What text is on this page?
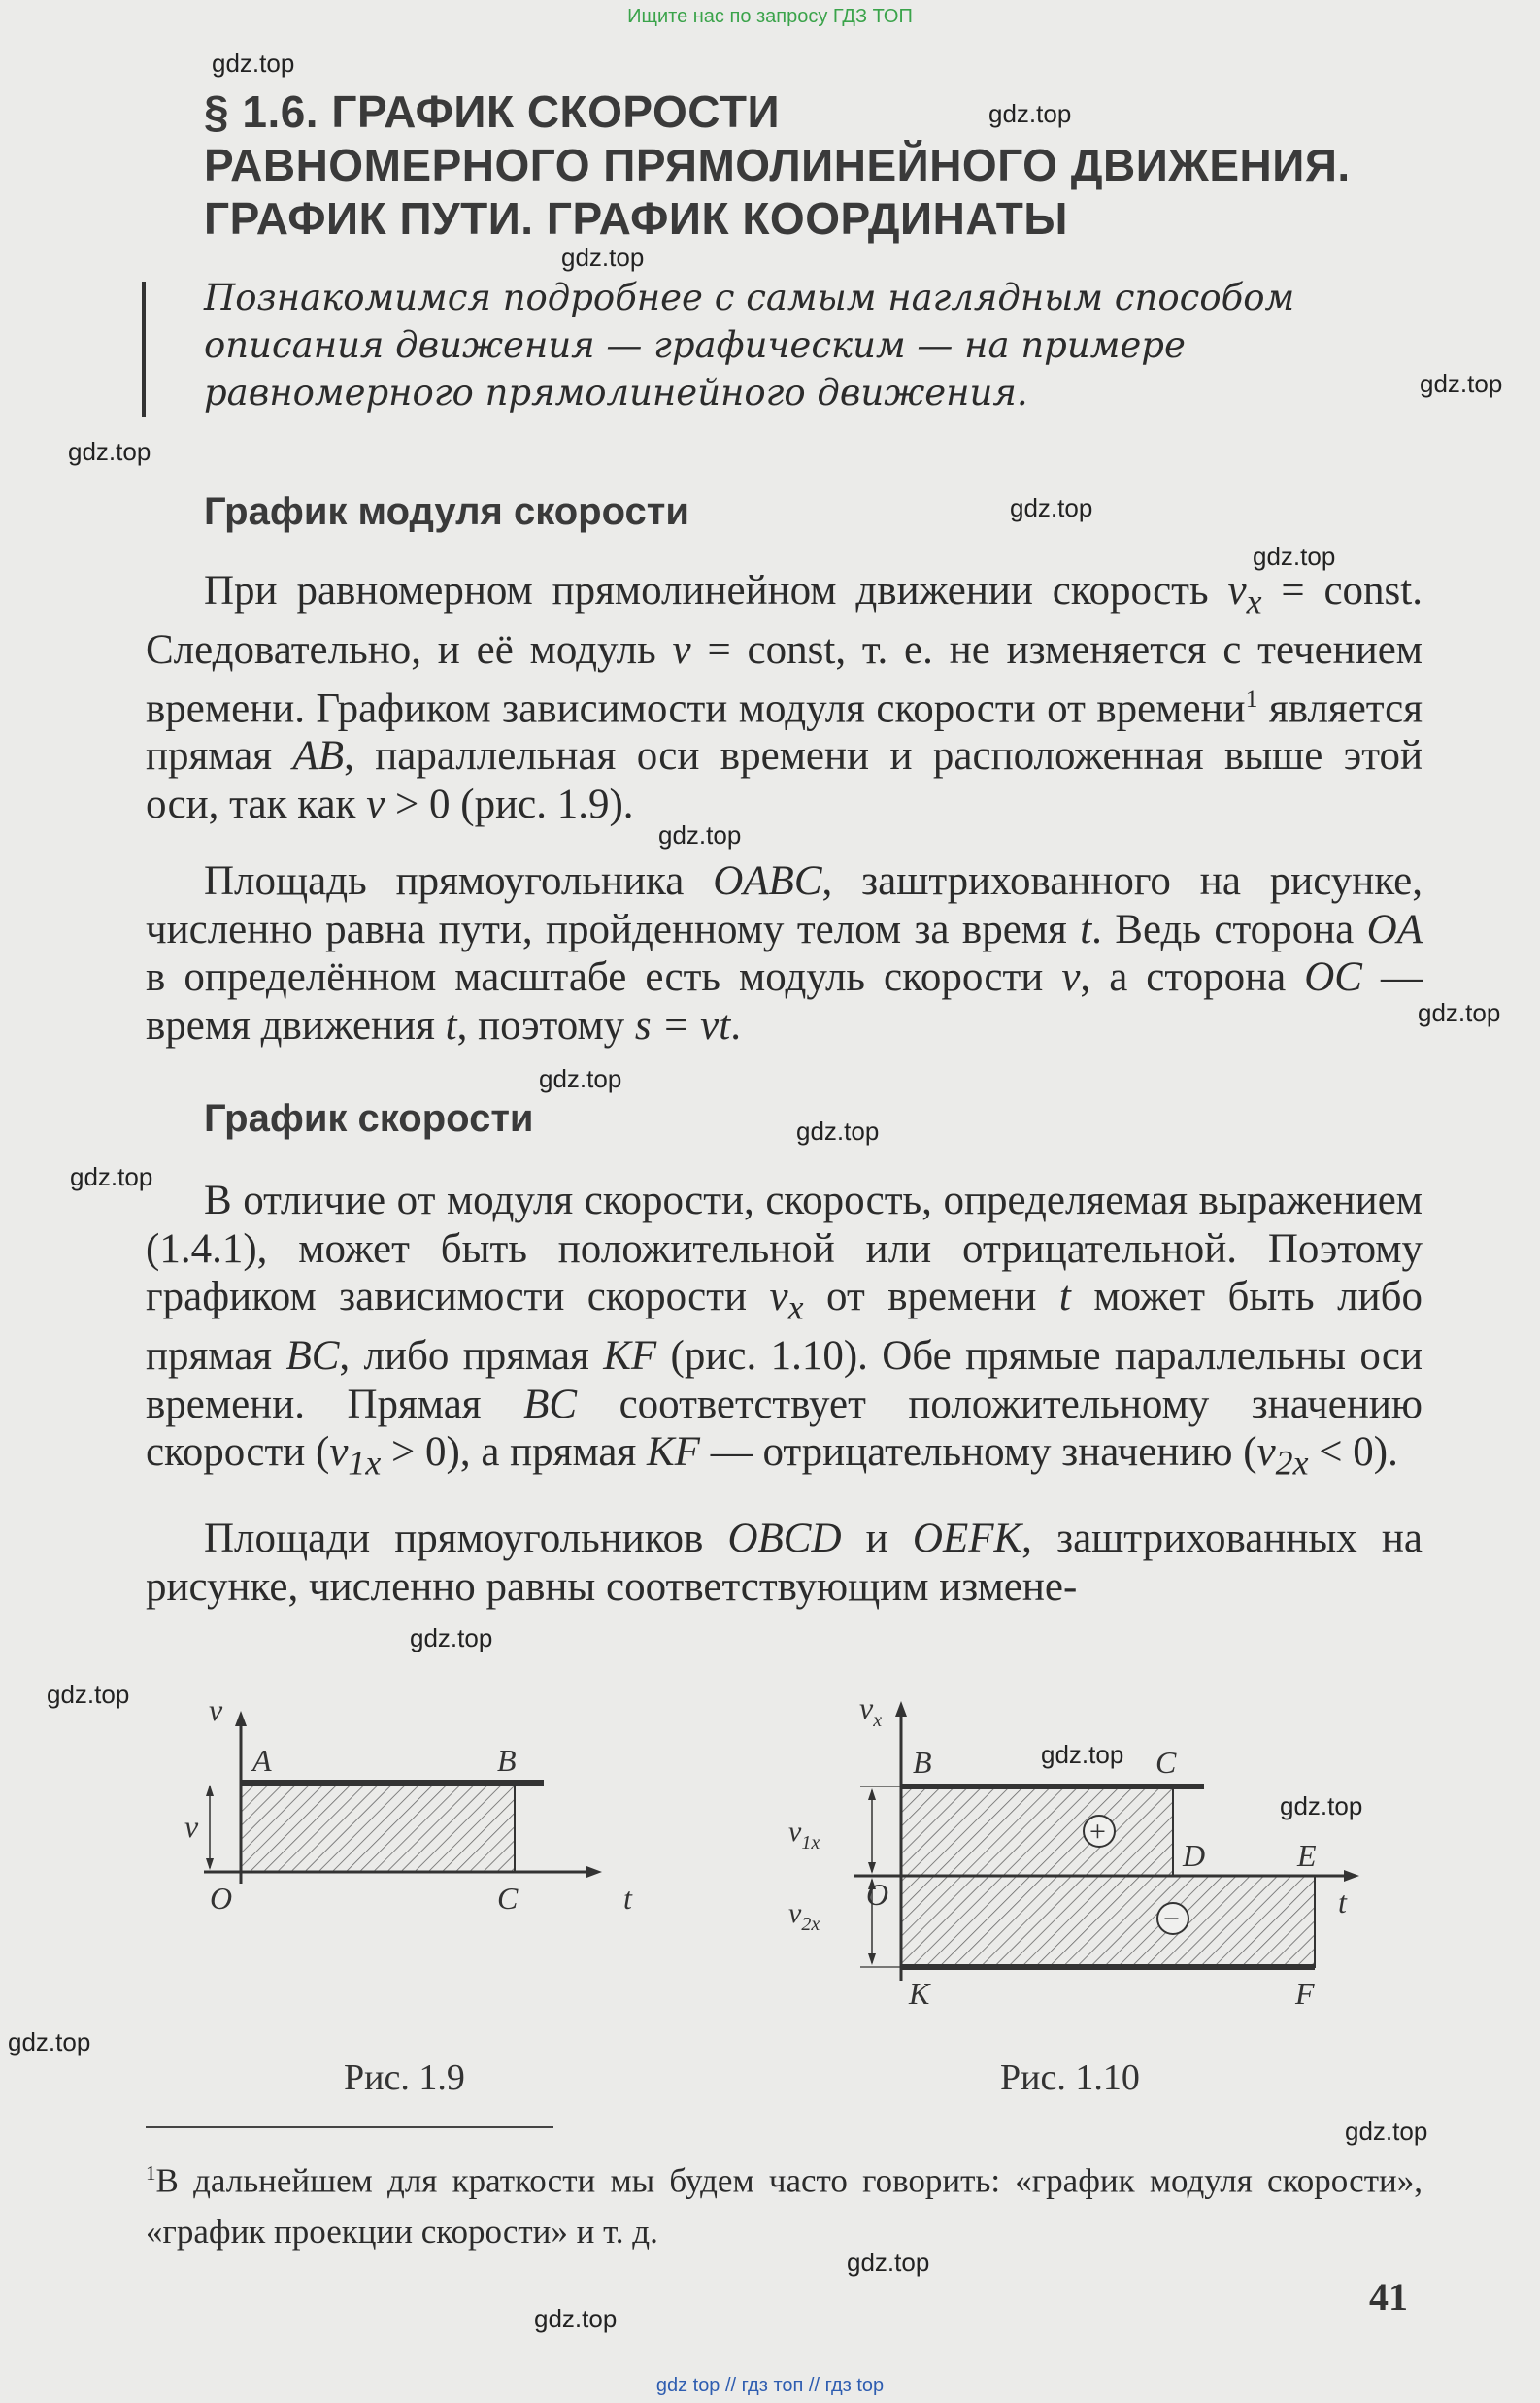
Ищите нас по запросу ГДЗ ТОП
gdz.top
gdz.top
gdz.top
gdz.top
gdz.top
gdz.top
gdz.top
gdz.top
gdz.top
gdz.top
gdz.top
gdz.top
gdz.top
gdz.top
gdz.top
gdz.top
gdz.top
gdz.top
gdz.top
gdz.top
§ 1.6. ГРАФИК СКОРОСТИ
РАВНОМЕРНОГО ПРЯМОЛИНЕЙНОГО ДВИЖЕНИЯ.
ГРАФИК ПУТИ. ГРАФИК КООРДИНАТЫ
Познакомимся подробнее с самым наглядным способом описания движения — графическим — на примере равномерного прямолинейного движения.
График модуля скорости
При равномерном прямолинейном движении скорость $v_x$ = const. Следовательно, и её модуль v = const, т. е. не изменяется с течением времени. Графиком зависимости модуля скорости от времени$^1$ является прямая AB, параллельная оси времени и расположенная выше этой оси, так как v > 0 (рис. 1.9).
Площадь прямоугольника OABC, заштрихованного на рисунке, численно равна пути, пройденному телом за время t. Ведь сторона OA в определённом масштабе есть модуль скорости v, а сторона OC — время движения t, поэтому s = vt.
График скорости
В отличие от модуля скорости, скорость, определяемая выражением (1.4.1), может быть положительной или отрицательной. Поэтому графиком зависимости скорости $v_x$ от времени t может быть либо прямая BC, либо прямая KF (рис. 1.10). Обе прямые параллельны оси времени. Прямая BC соответствует положительному значению скорости $(v_{1x} > 0)$, а прямая KF — отрицательному значению $(v_{2x} < 0)$.
Площади прямоугольников OBCD и OEFK, заштрихованных на рисунке, численно равны соответствующим измене-
v
A	B
v
O	C	t
Рис. 1.9
+
−
$v_x$
B	C
D	E
O
K	F
$v_{1x}$
$v_{2x}$
t
Рис. 1.10
$^1$В дальнейшем для краткости мы будем часто говорить: «график модуля скорости», «график проекции скорости» и т. д.
41
gdz top // гдз топ // гдз top
